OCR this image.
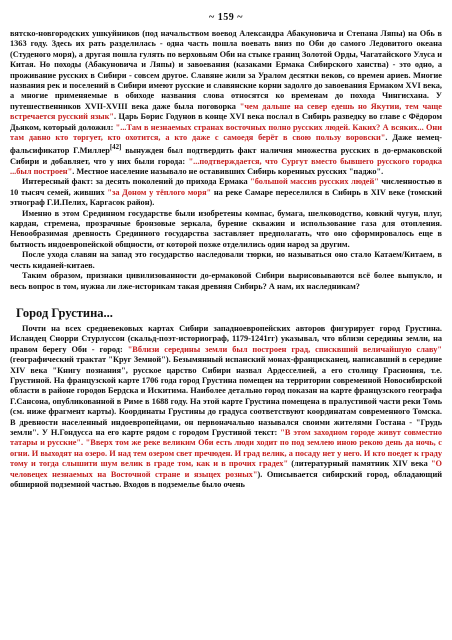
~ 159 ~

вятско-новгородских ушкуйников (под начальством воевод Александра Абакуновича и Степана Ляпы) на Обь в 1363 году. Здесь их рать разделилась - одна часть пошла воевать вниз по Оби до самого Ледовитого океана (Студеного моря), а другая пошла гулять по верховьям Оби на стыке границ Золотой Орды, Чагатайского Улуса и Китая. Но походы (Абакуновича и Ляпы) и завоевания (казаками Ермака Сибирского ханства) - это одно, а проживание русских в Сибири - совсем другое. Славяне жили за Уралом десятки веков, со времен ариев. Многие названия рек и поселений в Сибири имеют русские и славянские корни задолго до завоевания Ермаком XVI века, а многие применяемые в обиходе названия слова относятся ко временам до похода Чингисхана. У путешественников XVII-XVIII века даже была поговорка "чем дальше на север едешь но Якутии, тем чаще встречается русский язык". Царь Борис Годунов в конце XVI века послал в Сибирь разведку во главе с Фёдором Дьяком, который доложил: "...Там в незнаемых странах восточных полно русских людей. Каких? А всяких... Они там давно кто торгует, кто охотится, а кто даже с самоедя берёт в свою пользу воровски". Даже немец-фальсификатор Г.Миллер[42] вынужден был подтвердить факт наличия множества русских в до-ермаковской Сибири и добавляет, что у них были города: "...подтверждается, что Сургут вместо бывшего русского городка ...был построен". Местное население называло не оставивших Сибирь коренных русских "паджо".

Интересный факт: за десять поколений до прихода Ермака "большой массив русских людей" численностью в 10 тысяч семей, живших "за Доном у тёплого моря" на реке Самаре переселился в Сибирь в XIV веке (томский этнограф Г.И.Пелих, Каргасок район).

Именно в этом Срединном государстве были изобретены компас, бумага, шелководство, ковкий чугун, плуг, кардан, стремена, прозрачные бронзовые зеркала, бурение скважин и использование газа для отопления. Невообразимая древность Срединного государства заставляет предполагать, что оно сформировалось еще в бытность индоевропейской общности, от которой позже отделились один народ за другим.

После ухода славян на запад это государство наследовали тюрки, но называться оно стало Катаем/Китаем, в честь киданей-китаев.

Таким образом, признаки цивилизованности до-ермаковой Сибири вырисовываются всё более выпукло, и весь вопрос в том, нужна ли лже-историкам такая древняя Сибирь? А нам, их наследникам?

Город Грустина...

Почти на всех средневековых картах Сибири западноевропейских авторов фигурирует город Грустина. Исландец Снорри Стурлуссон (скальд-поэт-историограф, 1179-1241гг) указывал, что вблизи середины земли, на правом берегу Оби - город: "Вблизи середины земли был построен град, списквший величайшую славу" (географический трактат "Круг Земной"). Безымянный испанский монах-францисканец, написавший в середине XIV века "Книгу познания", русское царство Сибири назвал Ардесселией, а его столицу Граснония, т.е. Грустиной. На французской карте 1706 года город Грустина помещен на территории современной Новосибирской области в районе городов Бердска и Искитима. Наиболее детально город показан на карте французского географа Г.Сансона, опубликованной в Риме в 1688 году. На этой карте Грустина помещена в пралустивой части реки Томь (см. ниже фрагмент карты). Координаты Грустины до градуса соответствуют координатам современного Томска. В древности населенный индоевропейцами, он первоначально назывался своими жителями Гостана - "Грудь земли". У Н.Гондусса на его карте рядом с городом Грустиной текст: "В этом заходном городе живут совместно татары и русские". "Вверх том же реке великим Оби есть люди ходит по под землею иною рекою день да ночь, с огни. И выходят на озеро. И над тем озером свет пречюден. И град велик, а посаду нет у него. И кто поедет к граду тому и тогда слышити шум велик в граде том, как и в прочих градех" (литературный памятник XIV века "О человецех незнаемых на Восточной стране и языцех розных"). Описывается сибирский город, обладающий обширной подземной частью. Входов в подземелье было очень
